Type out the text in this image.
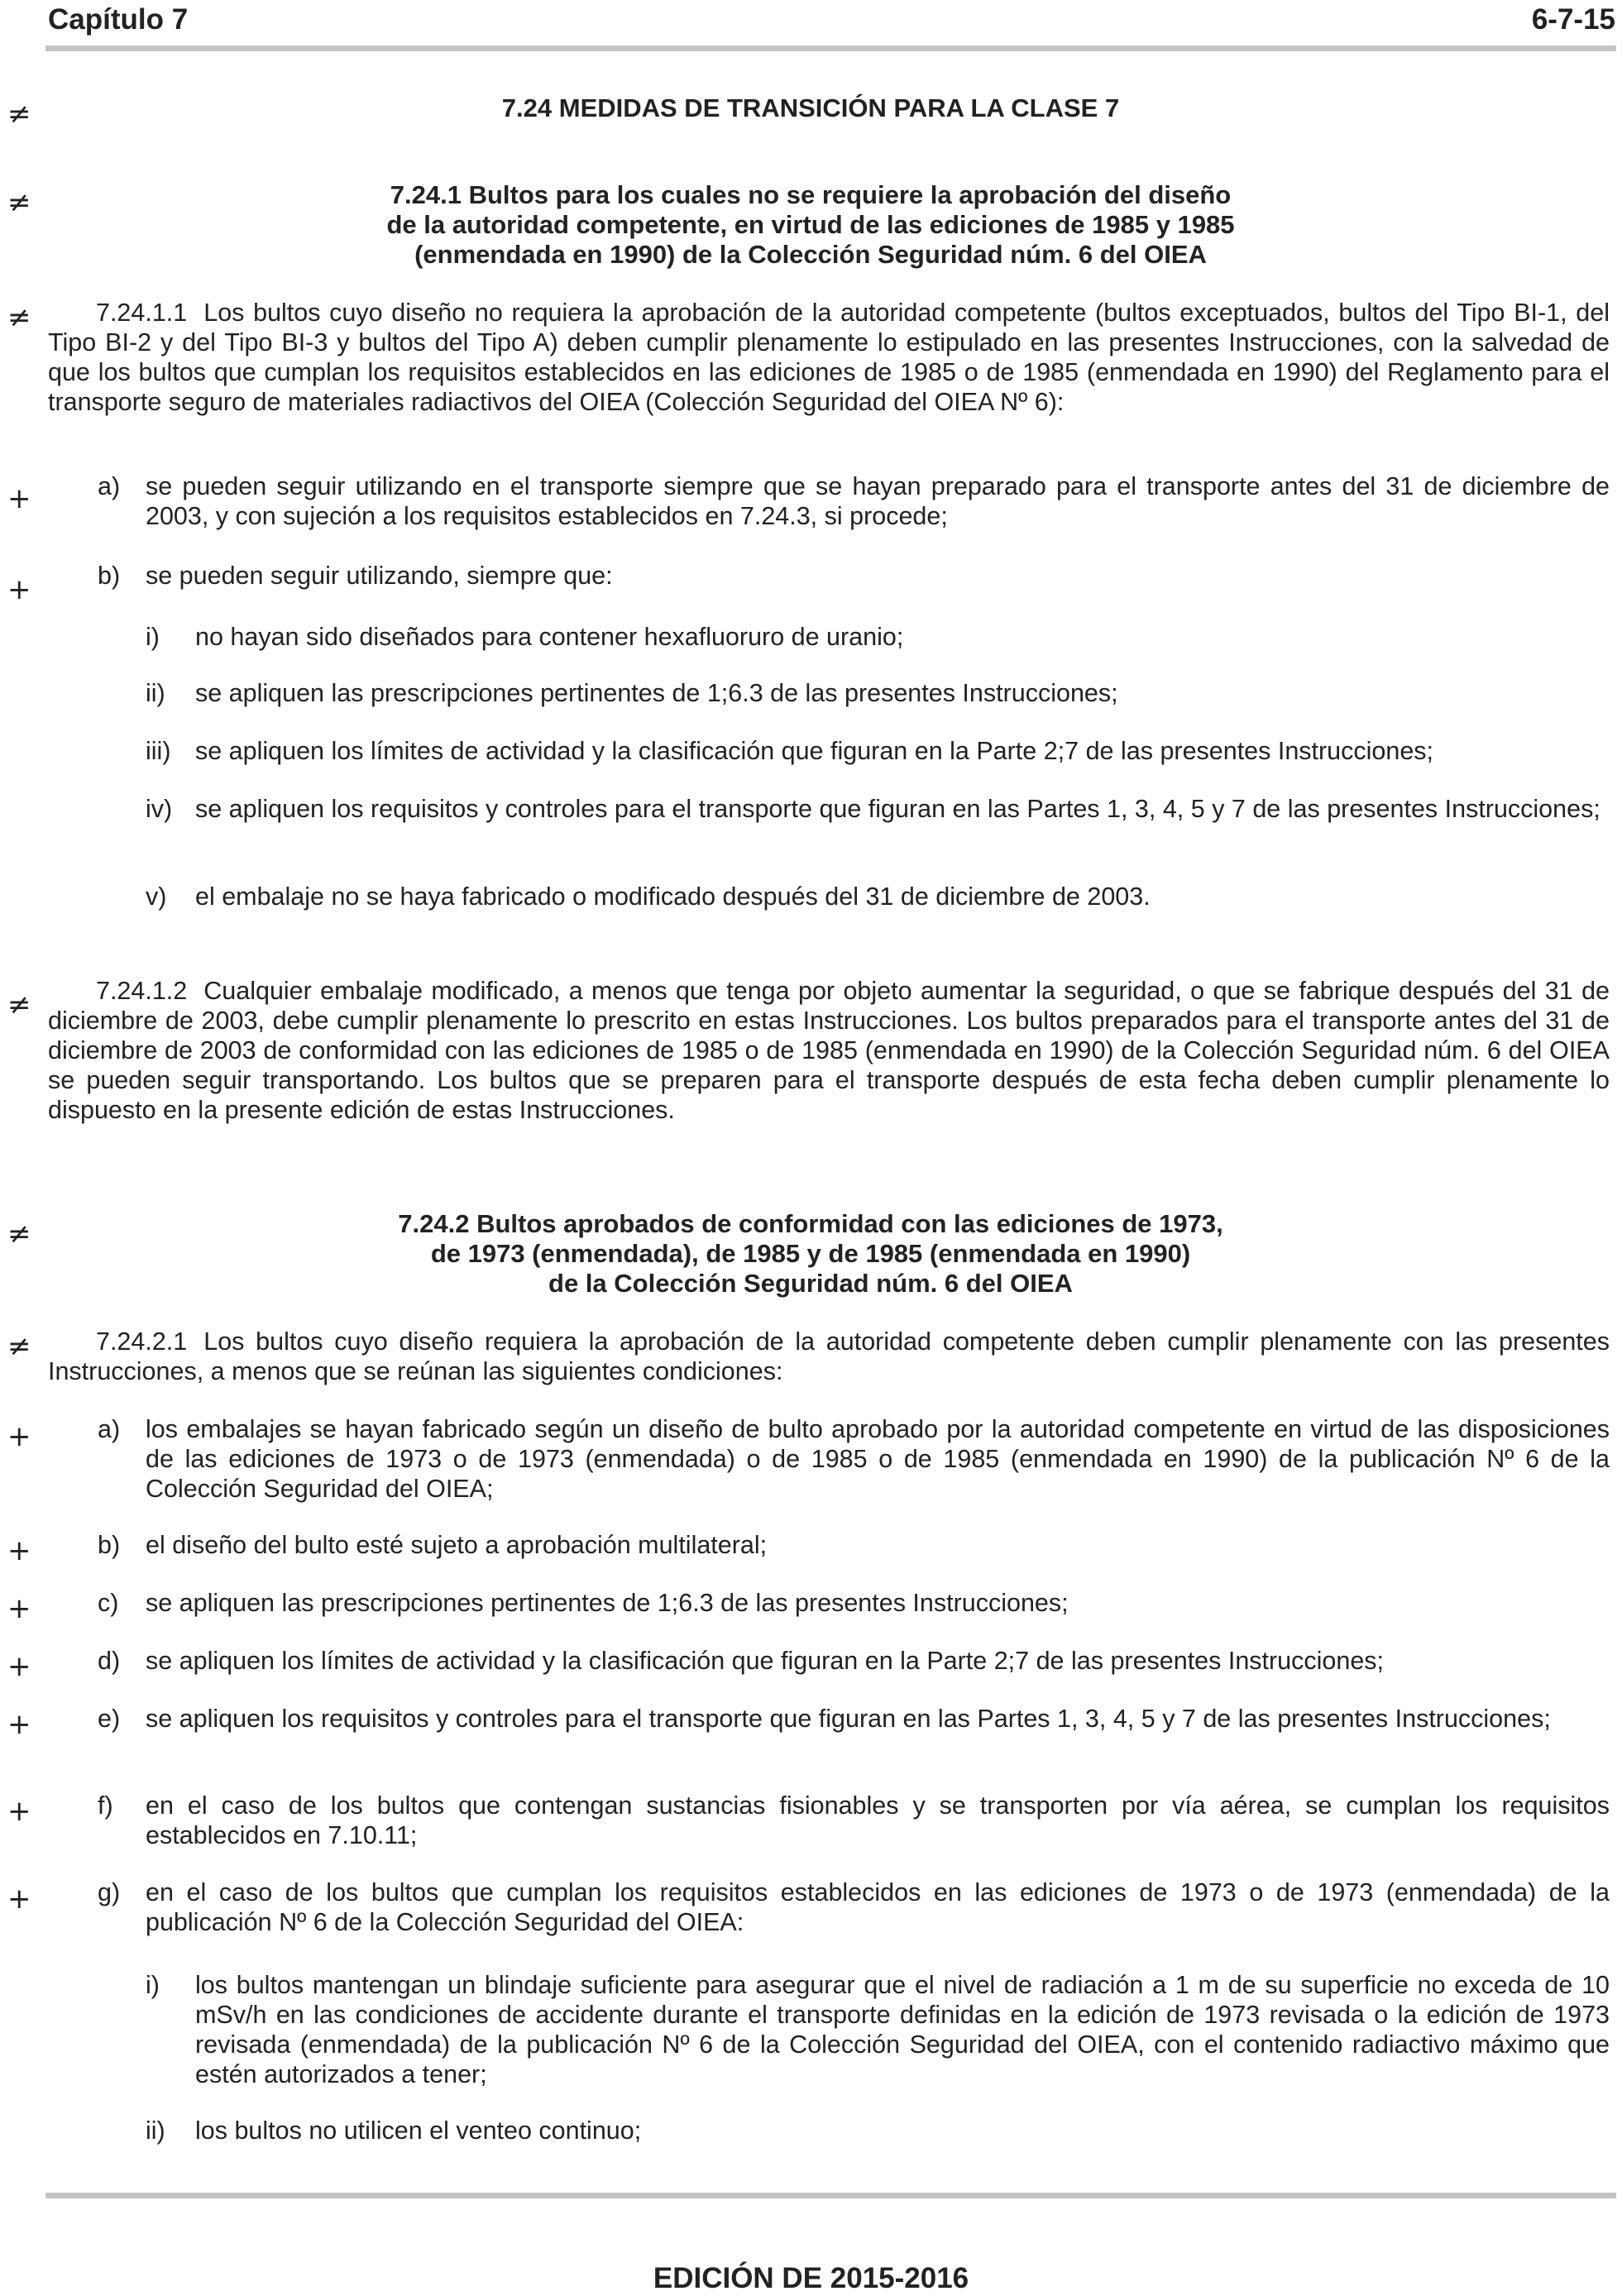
Capítulo 7	6-7-15
≠
≠
≠
+
+
≠
≠
≠
+
+
+
+
+
+
+
7.24 MEDIDAS DE TRANSICIÓN PARA LA CLASE 7
7.24.1 Bultos para los cuales no se requiere la aprobación del diseño
de la autoridad competente, en virtud de las ediciones de 1985 y 1985
(enmendada en 1990) de la Colección Seguridad núm. 6 del OIEA
7.24.1.1 Los bultos cuyo diseño no requiera la aprobación de la autoridad competente (bultos exceptuados, bultos del Tipo BI-1, del Tipo BI-2 y del Tipo BI-3 y bultos del Tipo A) deben cumplir plenamente lo estipulado en las presentes Instrucciones, con la salvedad de que los bultos que cumplan los requisitos establecidos en las ediciones de 1985 o de 1985 (enmendada en 1990) del Reglamento para el transporte seguro de materiales radiactivos del OIEA (Colección Seguridad del OIEA Nº 6):
a) se pueden seguir utilizando en el transporte siempre que se hayan preparado para el transporte antes del 31 de diciembre de 2003, y con sujeción a los requisitos establecidos en 7.24.3, si procede;
b) se pueden seguir utilizando, siempre que:
i) no hayan sido diseñados para contener hexafluoruro de uranio;
ii) se apliquen las prescripciones pertinentes de 1;6.3 de las presentes Instrucciones;
iii) se apliquen los límites de actividad y la clasificación que figuran en la Parte 2;7 de las presentes Instrucciones;
iv) se apliquen los requisitos y controles para el transporte que figuran en las Partes 1, 3, 4, 5 y 7 de las presentes Instrucciones;
v) el embalaje no se haya fabricado o modificado después del 31 de diciembre de 2003.
7.24.1.2 Cualquier embalaje modificado, a menos que tenga por objeto aumentar la seguridad, o que se fabrique después del 31 de diciembre de 2003, debe cumplir plenamente lo prescrito en estas Instrucciones. Los bultos preparados para el transporte antes del 31 de diciembre de 2003 de conformidad con las ediciones de 1985 o de 1985 (enmendada en 1990) de la Colección Seguridad núm. 6 del OIEA se pueden seguir transportando. Los bultos que se preparen para el transporte después de esta fecha deben cumplir plenamente lo dispuesto en la presente edición de estas Instrucciones.
7.24.2 Bultos aprobados de conformidad con las ediciones de 1973,
de 1973 (enmendada), de 1985 y de 1985 (enmendada en 1990)
de la Colección Seguridad núm. 6 del OIEA
7.24.2.1 Los bultos cuyo diseño requiera la aprobación de la autoridad competente deben cumplir plenamente con las presentes Instrucciones, a menos que se reúnan las siguientes condiciones:
a) los embalajes se hayan fabricado según un diseño de bulto aprobado por la autoridad competente en virtud de las disposiciones de las ediciones de 1973 o de 1973 (enmendada) o de 1985 o de 1985 (enmendada en 1990) de la publicación Nº 6 de la Colección Seguridad del OIEA;
b) el diseño del bulto esté sujeto a aprobación multilateral;
c) se apliquen las prescripciones pertinentes de 1;6.3 de las presentes Instrucciones;
d) se apliquen los límites de actividad y la clasificación que figuran en la Parte 2;7 de las presentes Instrucciones;
e) se apliquen los requisitos y controles para el transporte que figuran en las Partes 1, 3, 4, 5 y 7 de las presentes Instrucciones;
f) en el caso de los bultos que contengan sustancias fisionables y se transporten por vía aérea, se cumplan los requisitos establecidos en 7.10.11;
g) en el caso de los bultos que cumplan los requisitos establecidos en las ediciones de 1973 o de 1973 (enmendada) de la publicación Nº 6 de la Colección Seguridad del OIEA:
i) los bultos mantengan un blindaje suficiente para asegurar que el nivel de radiación a 1 m de su superficie no exceda de 10 mSv/h en las condiciones de accidente durante el transporte definidas en la edición de 1973 revisada o la edición de 1973 revisada (enmendada) de la publicación Nº 6 de la Colección Seguridad del OIEA, con el contenido radiactivo máximo que estén autorizados a tener;
ii) los bultos no utilicen el venteo continuo;
EDICIÓN DE 2015-2016
